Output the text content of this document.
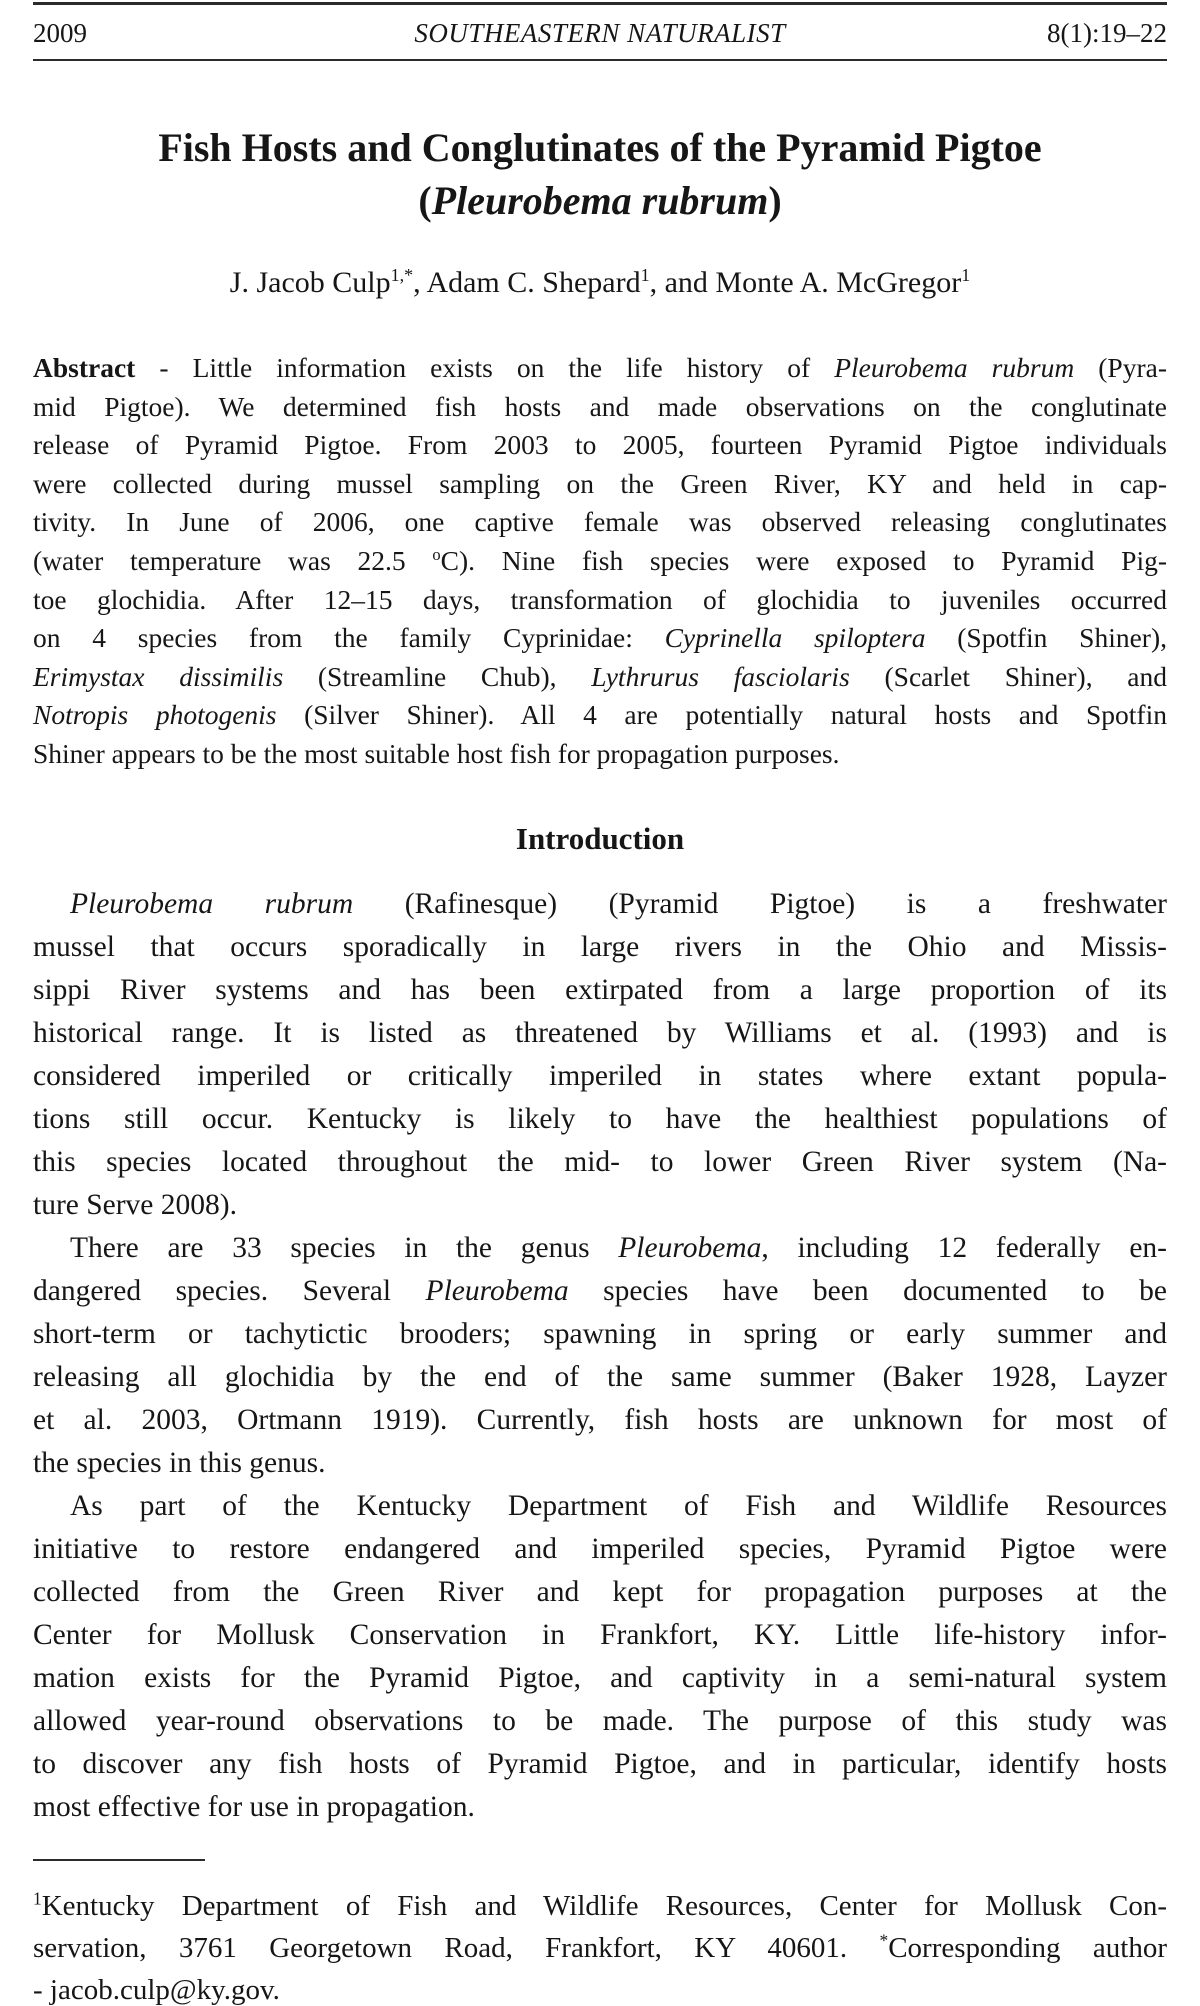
2009	SOUTHEASTERN NATURALIST	8(1):19–22
Fish Hosts and Conglutinates of the Pyramid Pigtoe
(Pleurobema rubrum)
J. Jacob Culp$^{1,*}$, Adam C. Shepard$^1$, and Monte A. McGregor$^1$
Abstract - Little information exists on the life history of Pleurobema rubrum (Pyra-
mid Pigtoe). We determined fish hosts and made observations on the conglutinate
release of Pyramid Pigtoe. From 2003 to 2005, fourteen Pyramid Pigtoe individuals
were collected during mussel sampling on the Green River, KY and held in cap-
tivity. In June of 2006, one captive female was observed releasing conglutinates
(water temperature was 22.5 $^o$C). Nine fish species were exposed to Pyramid Pig-
toe glochidia. After 12–15 days, transformation of glochidia to juveniles occurred
on 4 species from the family Cyprinidae: Cyprinella spiloptera (Spotfin Shiner),
Erimystax dissimilis (Streamline Chub), Lythrurus fasciolaris (Scarlet Shiner), and
Notropis photogenis (Silver Shiner). All 4 are potentially natural hosts and Spotfin
Shiner appears to be the most suitable host fish for propagation purposes.
Introduction
Pleurobema rubrum (Rafinesque) (Pyramid Pigtoe) is a freshwater
mussel that occurs sporadically in large rivers in the Ohio and Missis-
sippi River systems and has been extirpated from a large proportion of its
historical range. It is listed as threatened by Williams et al. (1993) and is
considered imperiled or critically imperiled in states where extant popula-
tions still occur. Kentucky is likely to have the healthiest populations of
this species located throughout the mid- to lower Green River system (Na-
ture Serve 2008).
There are 33 species in the genus Pleurobema, including 12 federally en-
dangered species. Several Pleurobema species have been documented to be
short-term or tachytictic brooders; spawning in spring or early summer and
releasing all glochidia by the end of the same summer (Baker 1928, Layzer
et al. 2003, Ortmann 1919). Currently, fish hosts are unknown for most of
the species in this genus.
As part of the Kentucky Department of Fish and Wildlife Resources
initiative to restore endangered and imperiled species, Pyramid Pigtoe were
collected from the Green River and kept for propagation purposes at the
Center for Mollusk Conservation in Frankfort, KY. Little life-history infor-
mation exists for the Pyramid Pigtoe, and captivity in a semi-natural system
allowed year-round observations to be made. The purpose of this study was
to discover any fish hosts of Pyramid Pigtoe, and in particular, identify hosts
most effective for use in propagation.
$^1$Kentucky Department of Fish and Wildlife Resources, Center for Mollusk Con-
servation, 3761 Georgetown Road, Frankfort, KY 40601. *Corresponding author
- jacob.culp@ky.gov.
